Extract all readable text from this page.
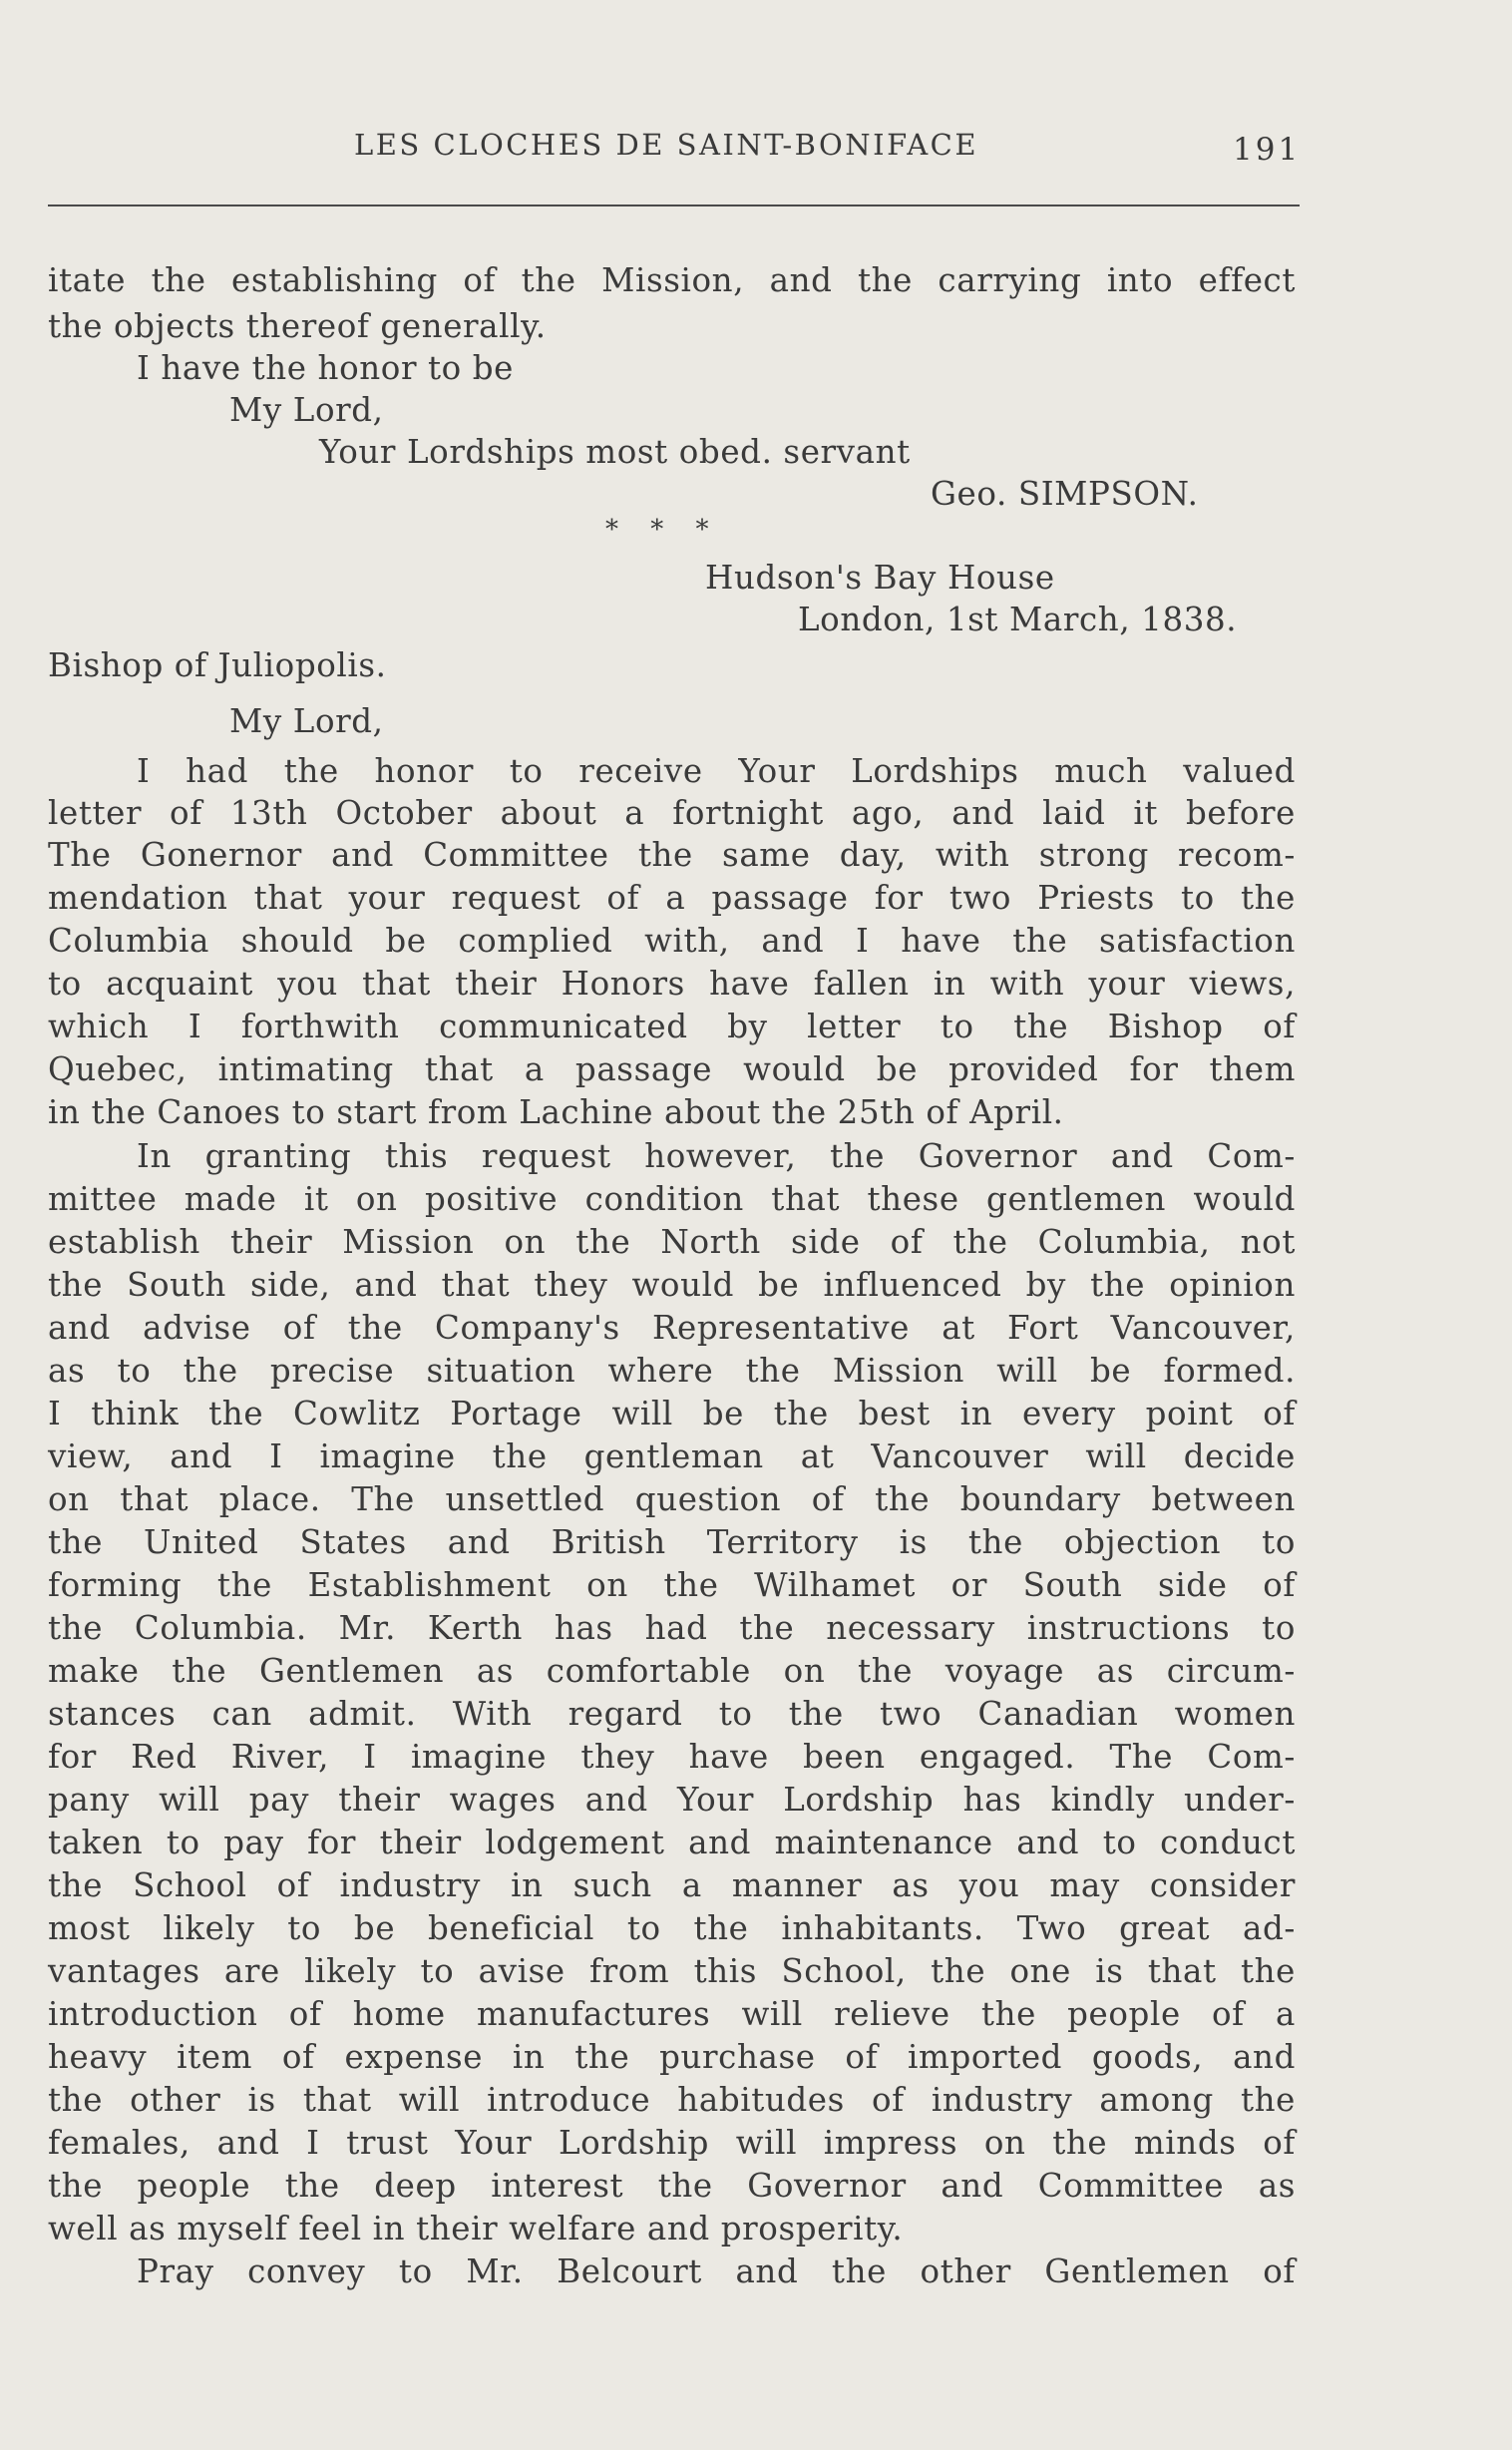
LES CLOCHES DE SAINT-BONIFACE	191
itate the establishing of the Mission, and the carrying into effect
the objects thereof generally.
I have the honor to be
My Lord,
Your Lordships most obed. servant
Geo. SIMPSON.
* * *
Hudson's Bay House
London, 1st March, 1838.
Bishop of Juliopolis.
My Lord,
I had the honor to receive Your Lordships much valued
letter of 13th October about a fortnight ago, and laid it before
The Gonernor and Committee the same day, with strong recom-
mendation that your request of a passage for two Priests to the
Columbia should be complied with, and I have the satisfaction
to acquaint you that their Honors have fallen in with your views,
which I forthwith communicated by letter to the Bishop of
Quebec, intimating that a passage would be provided for them
in the Canoes to start from Lachine about the 25th of April.
In granting this request however, the Governor and Com-
mittee made it on positive condition that these gentlemen would
establish their Mission on the North side of the Columbia, not
the South side, and that they would be influenced by the opinion
and advise of the Company's Representative at Fort Vancouver,
as to the precise situation where the Mission will be formed.
I think the Cowlitz Portage will be the best in every point of
view, and I imagine the gentleman at Vancouver will decide
on that place. The unsettled question of the boundary between
the United States and British Territory is the objection to
forming the Establishment on the Wilhamet or South side of
the Columbia. Mr. Kerth has had the necessary instructions to
make the Gentlemen as comfortable on the voyage as circum-
stances can admit. With regard to the two Canadian women
for Red River, I imagine they have been engaged. The Com-
pany will pay their wages and Your Lordship has kindly under-
taken to pay for their lodgement and maintenance and to conduct
the School of industry in such a manner as you may consider
most likely to be beneficial to the inhabitants. Two great ad-
vantages are likely to avise from this School, the one is that the
introduction of home manufactures will relieve the people of a
heavy item of expense in the purchase of imported goods, and
the other is that will introduce habitudes of industry among the
females, and I trust Your Lordship will impress on the minds of
the people the deep interest the Governor and Committee as
well as myself feel in their welfare and prosperity.
Pray convey to Mr. Belcourt and the other Gentlemen of
